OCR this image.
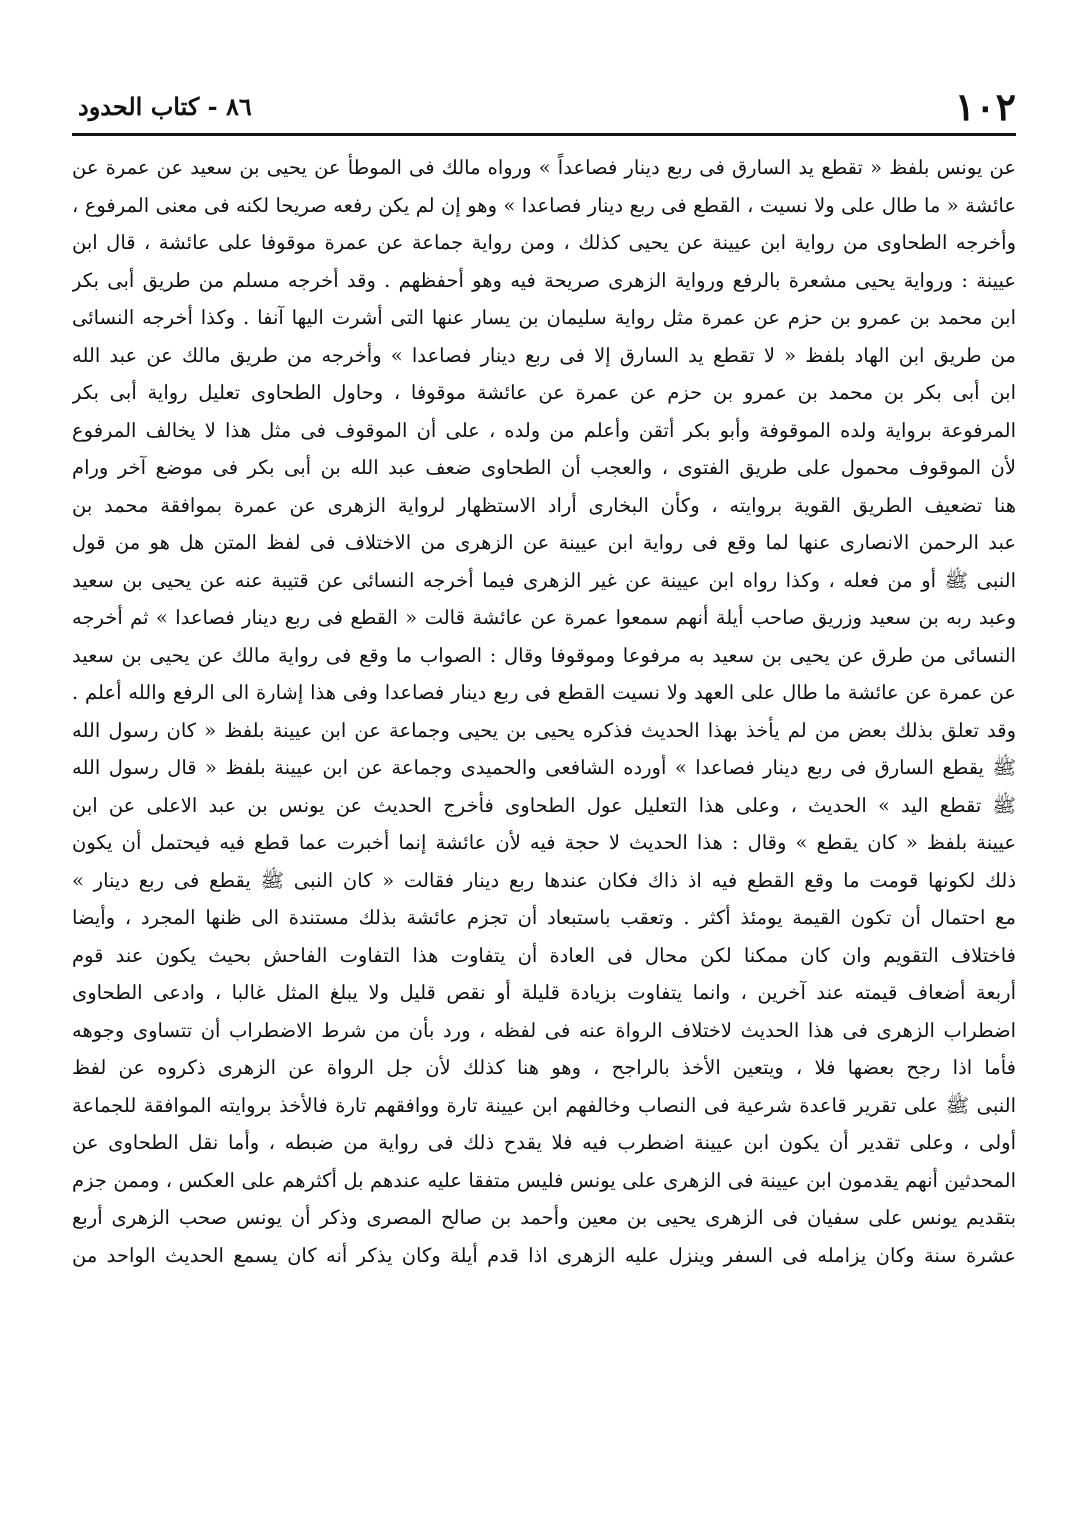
١٠٢
٨٦ - كتاب الحدود
عن يونس بلفظ « تقطع يد السارق فى ربع دينار فصاعداً » ورواه مالك فى الموطأ عن يحيى بن سعيد عن عمرة عن
عائشة « ما طال على ولا نسيت ، القطع فى ربع دينار فصاعدا » وهو إن لم يكن رفعه صريحا لكنه فى معنى المرفوع ،
وأخرجه الطحاوى من رواية ابن عيينة عن يحيى كذلك ، ومن رواية جماعة عن عمرة موقوفا على عائشة ، قال ابن
عيينة : ورواية يحيى مشعرة بالرفع ورواية الزهرى صريحة فيه وهو أحفظهم . وقد أخرجه مسلم من طريق أبى بكر
ابن محمد بن عمرو بن حزم عن عمرة مثل رواية سليمان بن يسار عنها التى أشرت اليها آنفا . وكذا أخرجه النسائى
من طريق ابن الهاد بلفظ « لا تقطع يد السارق إلا فى ربع دينار فصاعدا » وأخرجه من طريق مالك عن عبد الله
ابن أبى بكر بن محمد بن عمرو بن حزم عن عمرة عن عائشة موقوفا ، وحاول الطحاوى تعليل رواية أبى بكر
المرفوعة برواية ولده الموقوفة وأبو بكر أتقن وأعلم من ولده ، على أن الموقوف فى مثل هذا لا يخالف المرفوع
لأن الموقوف محمول على طريق الفتوى ، والعجب أن الطحاوى ضعف عبد الله بن أبى بكر فى موضع آخر ورام
هنا تضعيف الطريق القوية بروايته ، وكأن البخارى أراد الاستظهار لرواية الزهرى عن عمرة بموافقة محمد بن
عبد الرحمن الانصارى عنها لما وقع فى رواية ابن عيينة عن الزهرى من الاختلاف فى لفظ المتن هل هو من قول
النبى ﷺ أو من فعله ، وكذا رواه ابن عيينة عن غير الزهرى فيما أخرجه النسائى عن قتيبة عنه عن يحيى بن سعيد
وعبد ربه بن سعيد وزريق صاحب أيلة أنهم سمعوا عمرة عن عائشة قالت « القطع فى ربع دينار فصاعدا » ثم أخرجه
النسائى من طرق عن يحيى بن سعيد به مرفوعا وموقوفا وقال : الصواب ما وقع فى رواية مالك عن يحيى بن سعيد
عن عمرة عن عائشة ما طال على العهد ولا نسيت القطع فى ربع دينار فصاعدا وفى هذا إشارة الى الرفع والله أعلم .
وقد تعلق بذلك بعض من لم يأخذ بهذا الحديث فذكره يحيى بن يحيى وجماعة عن ابن عيينة بلفظ « كان رسول الله
ﷺ يقطع السارق فى ربع دينار فصاعدا » أورده الشافعى والحميدى وجماعة عن ابن عيينة بلفظ « قال رسول الله
ﷺ تقطع اليد » الحديث ، وعلى هذا التعليل عول الطحاوى فأخرج الحديث عن يونس بن عبد الاعلى عن ابن
عيينة بلفظ « كان يقطع » وقال : هذا الحديث لا حجة فيه لأن عائشة إنما أخبرت عما قطع فيه فيحتمل أن يكون
ذلك لكونها قومت ما وقع القطع فيه اذ ذاك فكان عندها ربع دينار فقالت « كان النبى ﷺ يقطع فى ربع دينار »
مع احتمال أن تكون القيمة يومئذ أكثر . وتعقب باستبعاد أن تجزم عائشة بذلك مستندة الى ظنها المجرد ، وأيضا
فاختلاف التقويم وان كان ممكنا لكن محال فى العادة أن يتفاوت هذا التفاوت الفاحش بحيث يكون عند قوم
أربعة أضعاف قيمته عند آخرين ، وانما يتفاوت بزيادة قليلة أو نقص قليل ولا يبلغ المثل غالبا ، وادعى الطحاوى
اضطراب الزهرى فى هذا الحديث لاختلاف الرواة عنه فى لفظه ، ورد بأن من شرط الاضطراب أن تتساوى وجوهه
فأما اذا رجح بعضها فلا ، ويتعين الأخذ بالراجح ، وهو هنا كذلك لأن جل الرواة عن الزهرى ذكروه عن لفظ
النبى ﷺ على تقرير قاعدة شرعية فى النصاب وخالفهم ابن عيينة تارة ووافقهم تارة فالأخذ بروايته الموافقة للجماعة
أولى ، وعلى تقدير أن يكون ابن عيينة اضطرب فيه فلا يقدح ذلك فى رواية من ضبطه ، وأما نقل الطحاوى عن
المحدثين أنهم يقدمون ابن عيينة فى الزهرى على يونس فليس متفقا عليه عندهم بل أكثرهم على العكس ، وممن جزم
بتقديم يونس على سفيان فى الزهرى يحيى بن معين وأحمد بن صالح المصرى وذكر أن يونس صحب الزهرى أربع
عشرة سنة وكان يزامله فى السفر وينزل عليه الزهرى اذا قدم أيلة وكان يذكر أنه كان يسمع الحديث الواحد من
